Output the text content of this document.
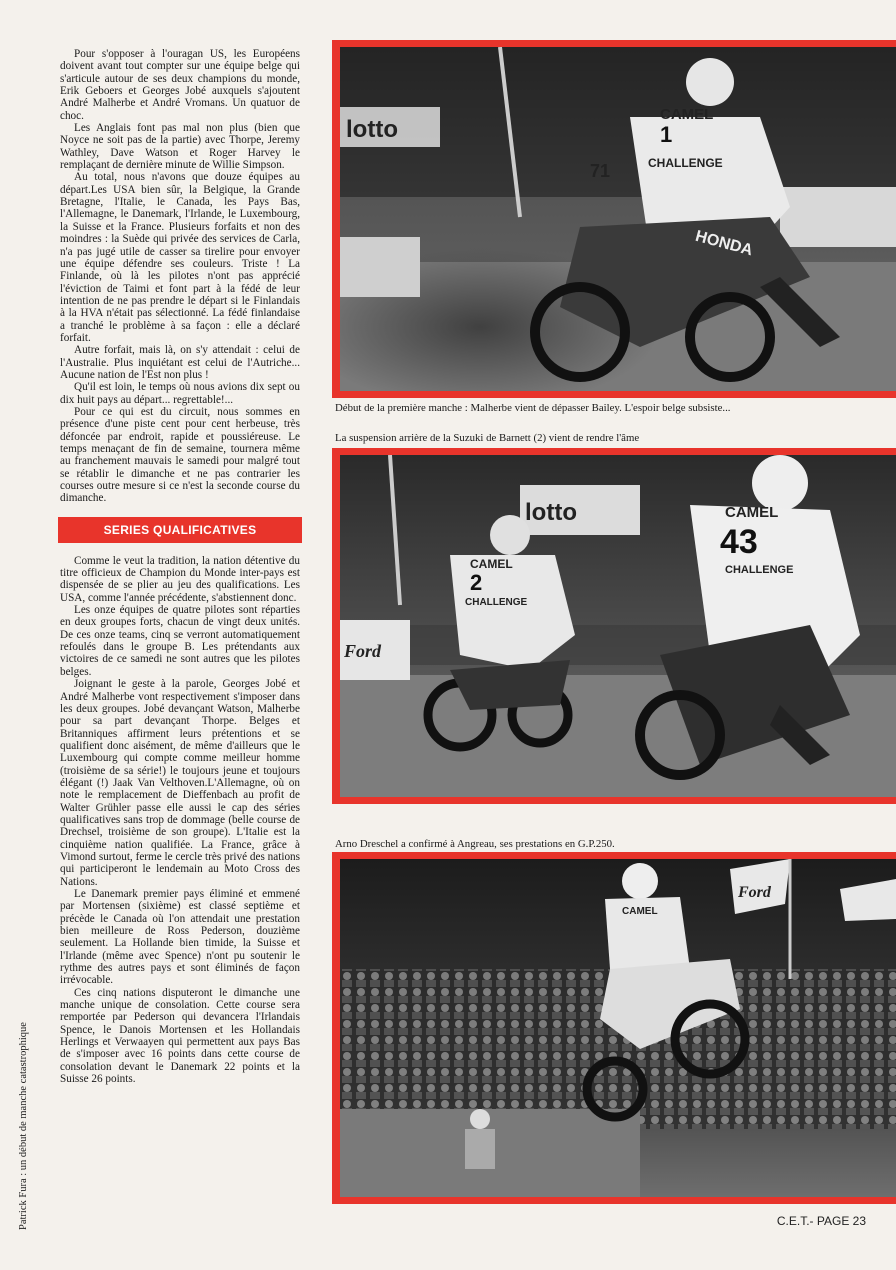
Pour s'opposer à l'ouragan US, les Européens doivent avant tout compter sur une équipe belge qui s'articule autour de ses deux champions du monde, Erik Geboers et Georges Jobé auxquels s'ajoutent André Malherbe et André Vromans. Un quatuor de choc.

Les Anglais font pas mal non plus (bien que Noyce ne soit pas de la partie) avec Thorpe, Jeremy Wathley, Dave Watson et Roger Harvey le remplaçant de dernière minute de Willie Simpson.

Au total, nous n'avons que douze équipes au départ.Les USA bien sûr, la Belgique, la Grande Bretagne, l'Italie, le Canada, les Pays Bas, l'Allemagne, le Danemark, l'Irlande, le Luxembourg, la Suisse et la France. Plusieurs forfaits et non des moindres : la Suède qui privée des services de Carla, n'a pas jugé utile de casser sa tirelire pour envoyer une équipe défendre ses couleurs. Triste ! La Finlande, où là les pilotes n'ont pas apprécié l'éviction de Taimi et font part à la fédé de leur intention de ne pas prendre le départ si le Finlandais à la HVA n'était pas sélectionné. La fédé finlandaise a tranché le problème à sa façon : elle a déclaré forfait.

Autre forfait, mais là, on s'y attendait : celui de l'Australie. Plus inquiétant est celui de l'Autriche... Aucune nation de l'Est non plus !

Qu'il est loin, le temps où nous avions dix sept ou dix huit pays au départ... regrettable!...

Pour ce qui est du circuit, nous sommes en présence d'une piste cent pour cent herbeuse, très défoncée par endroit, rapide et poussiéreuse. Le temps menaçant de fin de semaine, tournera même au franchement mauvais le samedi pour malgré tout se rétablir le dimanche et ne pas contrarier les courses outre mesure si ce n'est la seconde course du dimanche.

SERIES QUALIFICATIVES

Comme le veut la tradition, la nation détentive du titre officieux de Champion du Monde inter-pays est dispensée de se plier au jeu des qualifications. Les USA, comme l'année précédente, s'abstiennent donc.

Les onze équipes de quatre pilotes sont réparties en deux groupes forts, chacun de vingt deux unités. De ces onze teams, cinq se verront automatiquement refoulés dans le groupe B. Les prétendants aux victoires de ce samedi ne sont autres que les pilotes belges.

Joignant le geste à la parole, Georges Jobé et André Malherbe vont respectivement s'imposer dans les deux groupes. Jobé devançant Watson, Malherbe pour sa part devançant Thorpe. Belges et Britanniques affirment leurs prétentions et se qualifient donc aisément, de même d'ailleurs que le Luxembourg qui compte comme meilleur homme (troisième de sa série!) le toujours jeune et toujours élégant (!) Jaak Van Velthoven.L'Allemagne, où on note le remplacement de Dieffenbach au profit de Walter Grühler passe elle aussi le cap des séries qualificatives sans trop de dommage (belle course de Drechsel, troisième de son groupe). L'Italie est la cinquième nation qualifiée. La France, grâce à Vimond surtout, ferme le cercle très privé des nations qui participeront le lendemain au Moto Cross des Nations.

Le Danemark premier pays éliminé et emmené par Mortensen (sixième) est classé septième et précède le Canada où l'on attendait une prestation bien meilleure de Ross Pederson, douzième seulement. La Hollande bien timide, la Suisse et l'Irlande (même avec Spence) n'ont pu soutenir le rythme des autres pays et sont éliminés de façon irrévocable.

Ces cinq nations disputeront le dimanche une manche unique de consolation. Cette course sera remportée par Pederson qui devancera l'Irlandais Spence, le Danois Mortensen et les Hollandais Herlings et Verwaayen qui permettent aux pays Bas de s'imposer avec 16 points dans cette course de consolation devant le Danemark 22 points et la Suisse 26 points.

Patrick Fura : un début de manche catastrophique
lotto
CAMEL
1
CHALLENGE
71
HONDA
Début de la première manche : Malherbe vient de dépasser Bailey. L'espoir belge subsiste...
La suspension arrière de la Suzuki de Barnett (2) vient de rendre l'âme
lotto
Ford
CAMEL
2
CHALLENGE
CAMEL
43
CHALLENGE
Arno Dreschel a confirmé à Angreau, ses prestations en G.P.250.
Ford
CAMEL
C.E.T.- PAGE 23
